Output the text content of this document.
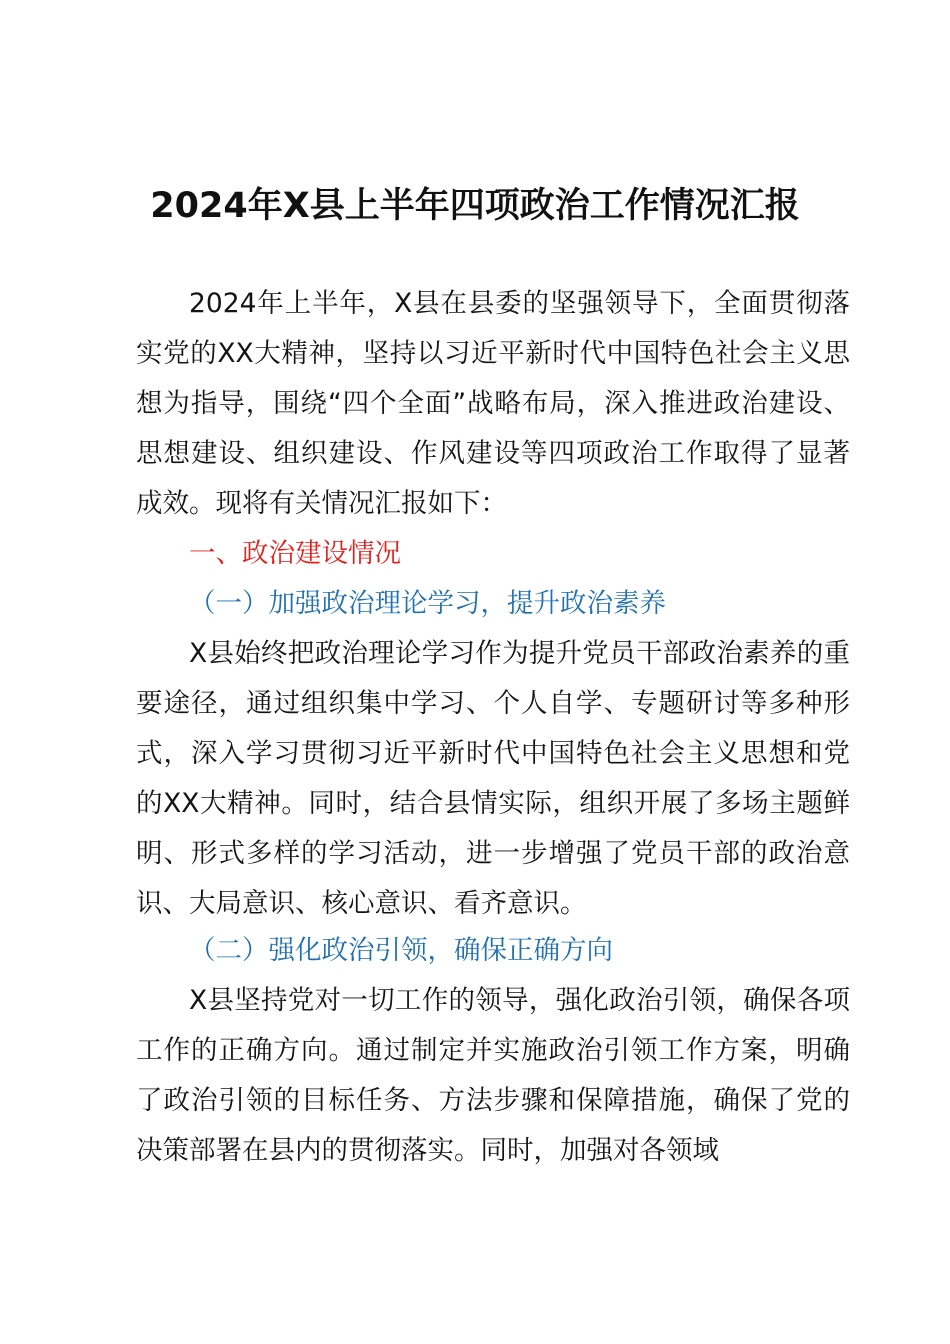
2024年X县上半年四项政治工作情况汇报
2024年上半年，X县在县委的坚强领导下，全面贯彻落实党的XX大精神，坚持以习近平新时代中国特色社会主义思想为指导，围绕“四个全面”战略布局，深入推进政治建设、思想建设、组织建设、作风建设等四项政治工作取得了显著成效。现将有关情况汇报如下：
一、政治建设情况
（一）加强政治理论学习，提升政治素养
X县始终把政治理论学习作为提升党员干部政治素养的重要途径，通过组织集中学习、个人自学、专题研讨等多种形式，深入学习贯彻习近平新时代中国特色社会主义思想和党的XX大精神。同时，结合县情实际，组织开展了多场主题鲜明、形式多样的学习活动，进一步增强了党员干部的政治意识、大局意识、核心意识、看齐意识。
（二）强化政治引领，确保正确方向
X县坚持党对一切工作的领导，强化政治引领，确保各项工作的正确方向。通过制定并实施政治引领工作方案，明确了政治引领的目标任务、方法步骤和保障措施，确保了党的决策部署在县内的贯彻落实。同时，加强对各领域
